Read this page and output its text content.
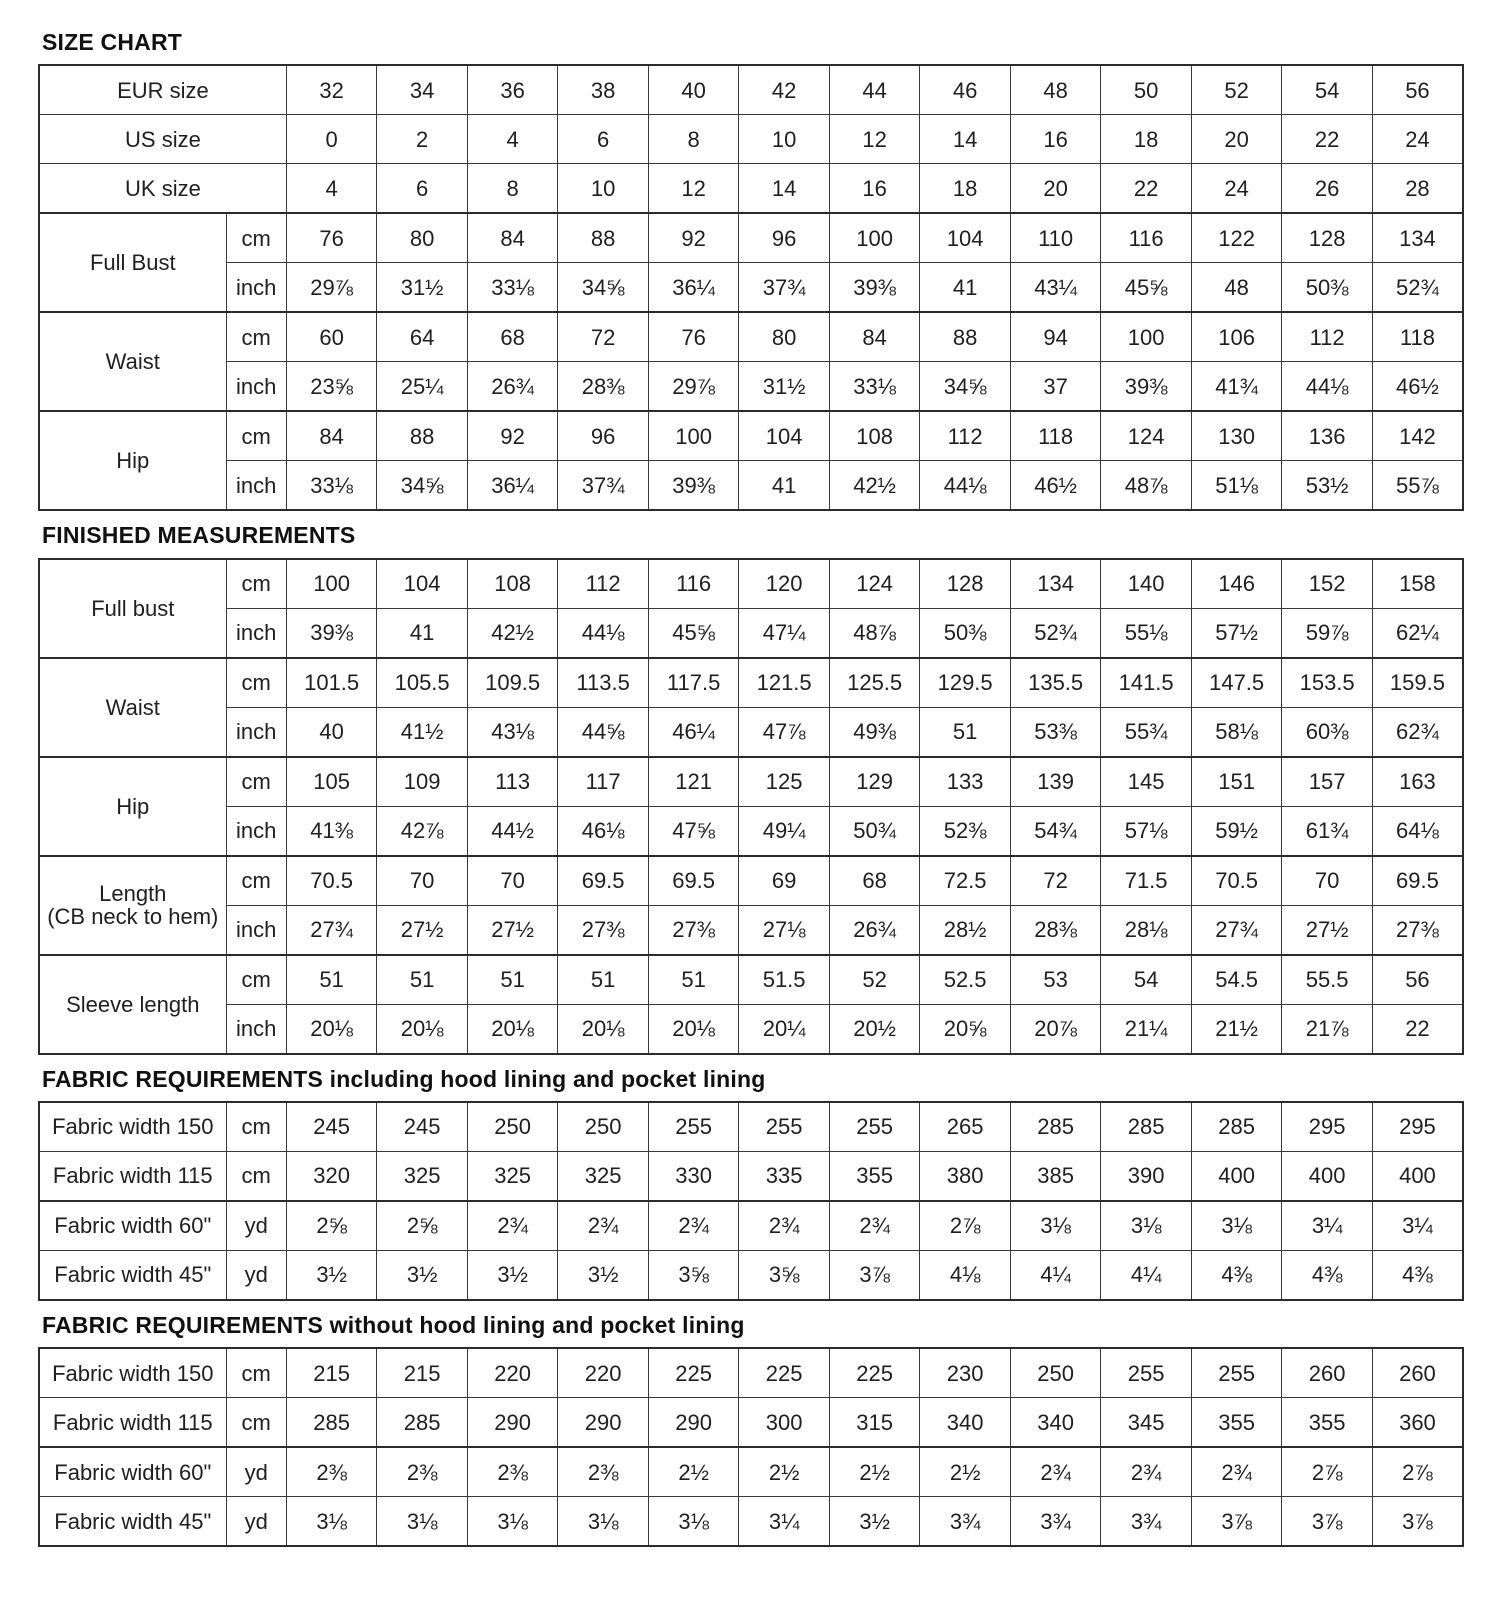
SIZE CHART
EUR size		32	34	36	38	40	42	44	46	48	50	52	54	56
US size		0	2	4	6	8	10	12	14	16	18	20	22	24
UK size		4	6	8	10	12	14	16	18	20	22	24	26	28
Full Bust	cm	76	80	84	88	92	96	100	104	110	116	122	128	134
	inch	29⅞	31½	33⅛	34⅝	36¼	37¾	39⅜	41	43¼	45⅝	48	50⅜	52¾
Waist	cm	60	64	68	72	76	80	84	88	94	100	106	112	118
	inch	23⅝	25¼	26¾	28⅜	29⅞	31½	33⅛	34⅝	37	39⅜	41¾	44⅛	46½
Hip	cm	84	88	92	96	100	104	108	112	118	124	130	136	142
	inch	33⅛	34⅝	36¼	37¾	39⅜	41	42½	44⅛	46½	48⅞	51⅛	53½	55⅞
FINISHED MEASUREMENTS
Full bust	cm	100	104	108	112	116	120	124	128	134	140	146	152	158
	inch	39⅜	41	42½	44⅛	45⅝	47¼	48⅞	50⅜	52¾	55⅛	57½	59⅞	62¼
Waist	cm	101.5	105.5	109.5	113.5	117.5	121.5	125.5	129.5	135.5	141.5	147.5	153.5	159.5
	inch	40	41½	43⅛	44⅝	46¼	47⅞	49⅜	51	53⅜	55¾	58⅛	60⅜	62¾
Hip	cm	105	109	113	117	121	125	129	133	139	145	151	157	163
	inch	41⅜	42⅞	44½	46⅛	47⅝	49¼	50¾	52⅜	54¾	57⅛	59½	61¾	64⅛
Length
(CB neck to hem)	cm	70.5	70	70	69.5	69.5	69	68	72.5	72	71.5	70.5	70	69.5
	inch	27¾	27½	27½	27⅜	27⅜	27⅛	26¾	28½	28⅜	28⅛	27¾	27½	27⅜
Sleeve length	cm	51	51	51	51	51	51.5	52	52.5	53	54	54.5	55.5	56
	inch	20⅛	20⅛	20⅛	20⅛	20⅛	20¼	20½	20⅝	20⅞	21¼	21½	21⅞	22
FABRIC REQUIREMENTS including hood lining and pocket lining
Fabric width 150	cm	245	245	250	250	255	255	255	265	285	285	285	295	295
Fabric width 115	cm	320	325	325	325	330	335	355	380	385	390	400	400	400
Fabric width 60"	yd	2⅝	2⅝	2¾	2¾	2¾	2¾	2¾	2⅞	3⅛	3⅛	3⅛	3¼	3¼
Fabric width 45"	yd	3½	3½	3½	3½	3⅝	3⅝	3⅞	4⅛	4¼	4¼	4⅜	4⅜	4⅜
FABRIC REQUIREMENTS without hood lining and pocket lining
Fabric width 150	cm	215	215	220	220	225	225	225	230	250	255	255	260	260
Fabric width 115	cm	285	285	290	290	290	300	315	340	340	345	355	355	360
Fabric width 60"	yd	2⅜	2⅜	2⅜	2⅜	2½	2½	2½	2½	2¾	2¾	2¾	2⅞	2⅞
Fabric width 45"	yd	3⅛	3⅛	3⅛	3⅛	3⅛	3¼	3½	3¾	3¾	3¾	3⅞	3⅞	3⅞
